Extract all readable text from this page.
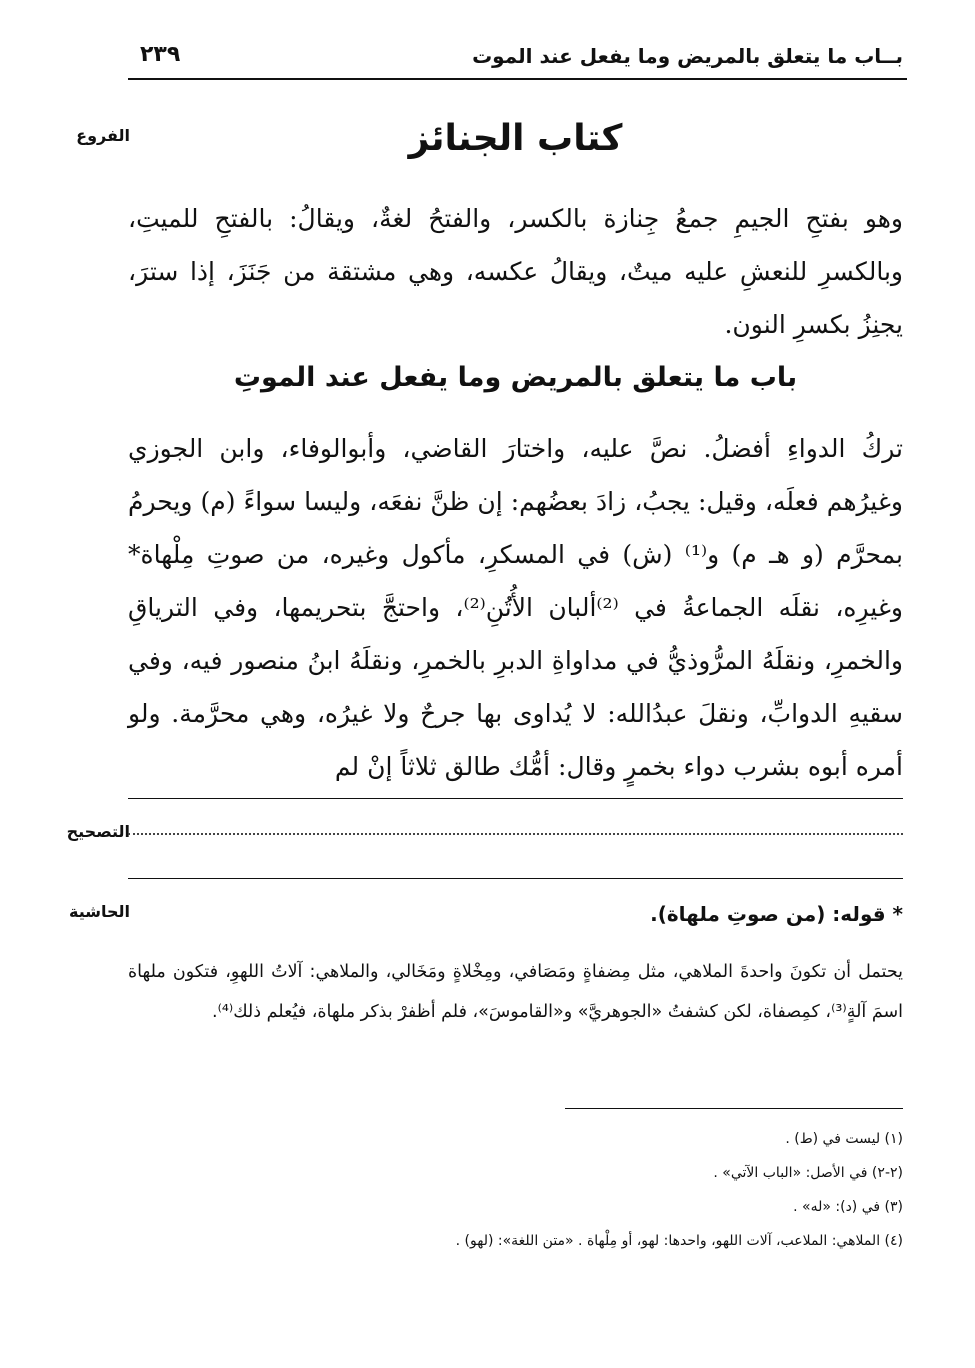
٢٣٩	بــاب ما يتعلق بالمريض وما يفعل عند الموت
الفروع	كتاب الجنائز
وهو بفتحِ الجيمِ جمعُ جِنازة بالكسر، والفتحُ لغةٌ، ويقالُ: بالفتحِ للميتِ، وبالكسرِ للنعشِ عليه ميتٌ، ويقالُ عكسه، وهي مشتقة من جَنَزَ، إذا سترَ، يجنِزُ بكسرِ النون.
باب ما يتعلق بالمريض وما يفعل عند الموتِ
تركُ الدواءِ أفضلُ. نصَّ عليه، واختارَ القاضي، وأبوالوفاء، وابن الجوزي وغيرُهم فعلَه، وقيل: يجبُ، زادَ بعضُهم: إن ظنَّ نفعَه، وليسا سواءً (م) ويحرمُ بمحرَّم (و هـ م) و⁽¹⁾ (ش) في المسكرِ، مأكول وغيره، من صوتِ مِلْهاة* وغيرِه، نقلَه الجماعةُ في ⁽²⁾ألبان الأُتُنِ⁽²⁾، واحتجَّ بتحريمها، وفي الترياقِ والخمرِ، ونقلَهُ المرُّوذيُّ في مداواةِ الدبرِ بالخمرِ، ونقلَهُ ابنُ منصور فيه، وفي سقيهِ الدوابِّ، ونقلَ عبدُالله: لا يُداوى بها جرحٌ ولا غيرُه، وهي محرَّمة. ولو أمره أبوه بشرب دواء بخمرٍ وقال: أمُّك طالق ثلاثاً إنْ لم
التصحيح
الحاشية	* قوله: (من صوتِ ملهاة).
يحتمل أن تكونَ واحدةَ الملاهي، مثل مِضفاةٍ ومَصَافي، ومِخْلاةٍ ومَخَالي، والملاهي: آلاتُ اللهوِ، فتكون ملهاة اسمَ آلةٍ⁽³⁾، كمِصفاة، لكن كشفتُ «الجوهريَّ» و«القاموسَ»، فلم أظفرْ بذكر ملهاة، فيُعلم ذلك⁽⁴⁾.
(١) ليست في (ط) .
(٢-٢) في الأصل: «الباب الآتي» .
(٣) في (د): «له» .
(٤) الملاهي: الملاعب، آلات اللهو، واحدها: لهو، أو مِلْهاة . «متن اللغة»: (لهو) .
